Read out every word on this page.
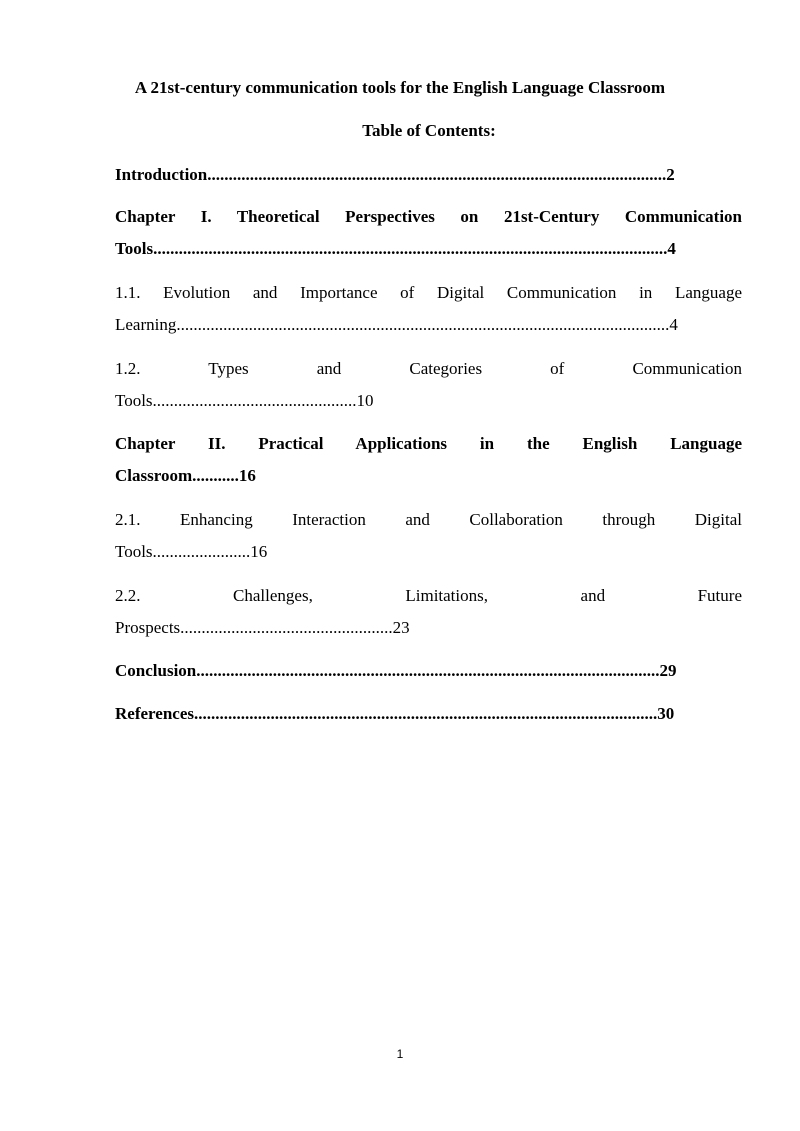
A 21st-century communication tools for the English Language Classroom
Table of Contents:
Introduction............................................................................................................2
Chapter I. Theoretical Perspectives on 21st-Century Communication
Tools.........................................................................................................................4
1.1. Evolution and Importance of Digital Communication in Language
Learning....................................................................................................................4
1.2. Types and Categories of Communication
Tools................................................10
Chapter II. Practical Applications in the English Language
Classroom...........16
2.1. Enhancing Interaction and Collaboration through Digital
Tools.......................16
2.2. Challenges, Limitations, and Future
Prospects..................................................23
Conclusion.............................................................................................................29
References.............................................................................................................30
1
